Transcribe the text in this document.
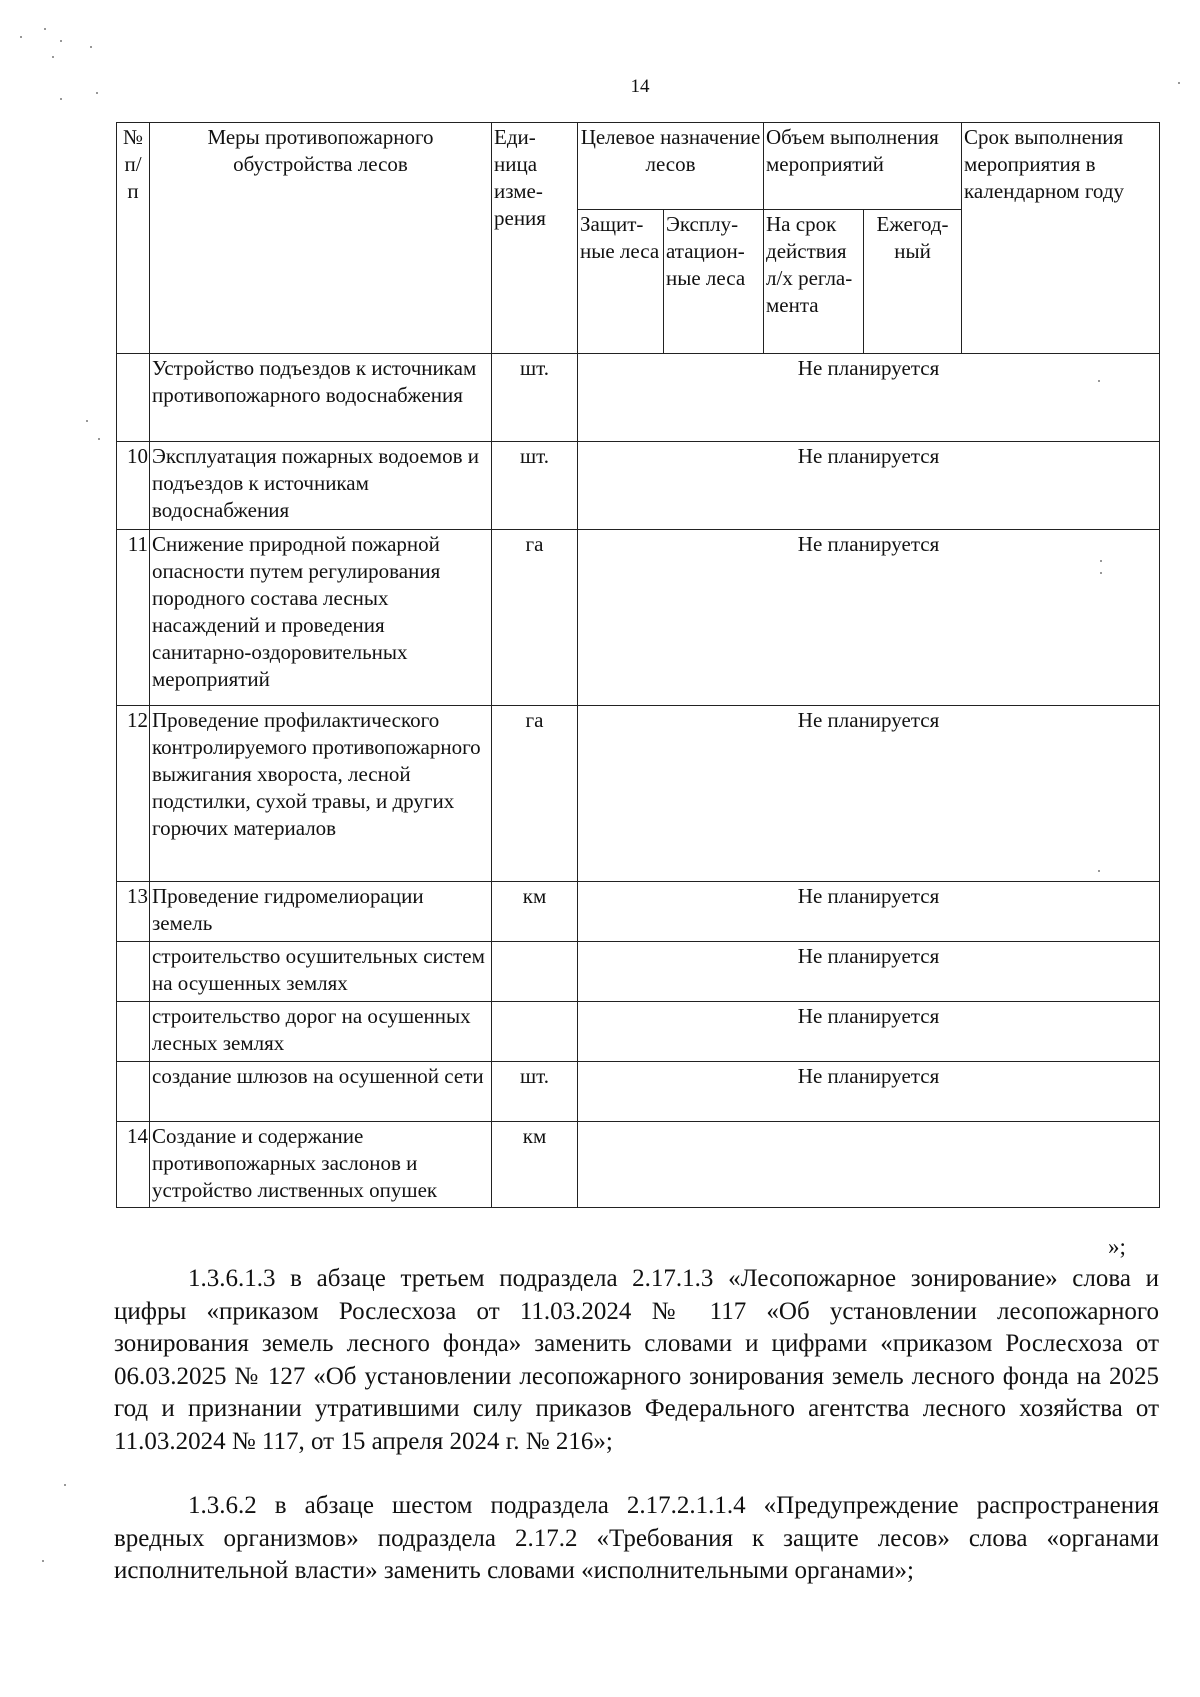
14
№ п/п	Меры противопожарного обустройства лесов	Еди-ница изме-рения	Целевое назначение лесов		Объем выполнения мероприятий		Срок выполнения мероприятия в календарном году
			Защит-ные леса	Эксплу-атацион-ные леса	На срок действия л/х регла-мента	Ежегод-ный	
	Устройство подъездов к источникам противопожарного водоснабжения	шт.	Не планируется				
10	Эксплуатация пожарных водоемов и подъездов к источникам водоснабжения	шт.	Не планируется				
11	Снижение природной пожарной опасности путем регулирования породного состава лесных насаждений и проведения санитарно-оздоровительных мероприятий	га	Не планируется				
12	Проведение профилактического контролируемого противопожарного выжигания хвороста, лесной подстилки, сухой травы, и других горючих материалов	га	Не планируется				
13	Проведение гидромелиорации земель	км	Не планируется				
	строительство осушительных систем на осушенных землях		Не планируется				
	строительство дорог на осушенных лесных землях		Не планируется				
	создание шлюзов на осушенной сети	шт.	Не планируется				
14	Создание и содержание противопожарных заслонов и устройство лиственных опушек	км					
»;

1.3.6.1.3 в абзаце третьем подраздела 2.17.1.3 «Лесопожарное зонирование» слова и цифры «приказом Рослесхоза от 11.03.2024 № 117 «Об установлении лесопожарного зонирования земель лесного фонда» заменить словами и цифрами «приказом Рослесхоза от 06.03.2025 № 127 «Об установлении лесопожарного зонирования земель лесного фонда на 2025 год и признании утратившими силу приказов Федерального агентства лесного хозяйства от 11.03.2024 № 117, от 15 апреля 2024 г. № 216»;

1.3.6.2 в абзаце шестом подраздела 2.17.2.1.1.4 «Предупреждение распространения вредных организмов» подраздела 2.17.2 «Требования к защите лесов» слова «органами исполнительной власти» заменить словами «исполнительными органами»;
